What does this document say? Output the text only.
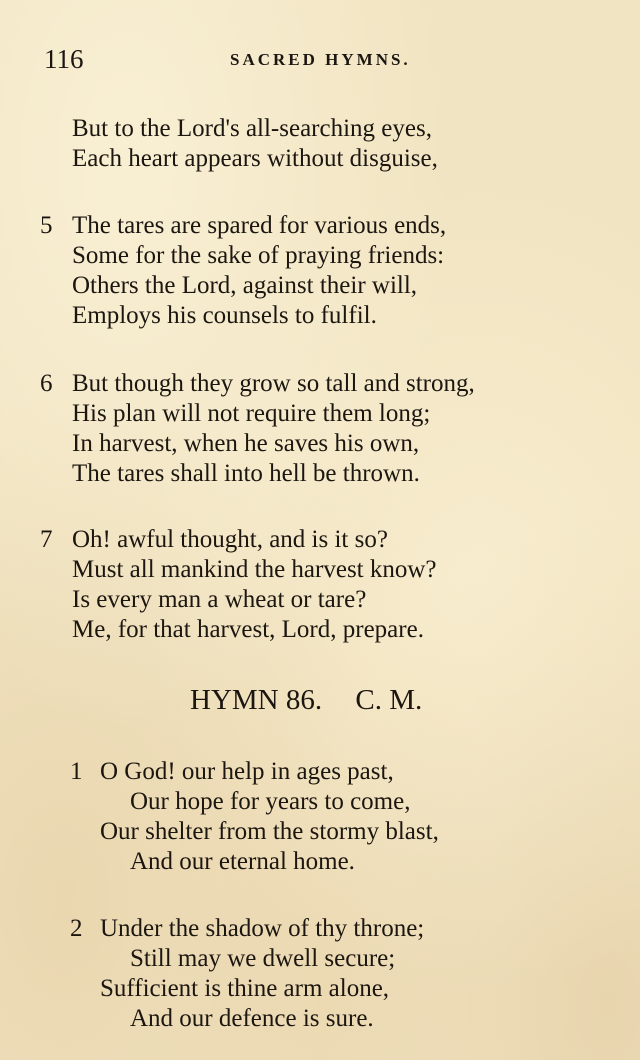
116	SACRED HYMNS.
But to the Lord's all-searching eyes,
Each heart appears without disguise,
5 The tares are spared for various ends,
Some for the sake of praying friends:
Others the Lord, against their will,
Employs his counsels to fulfil.
6 But though they grow so tall and strong,
His plan will not require them long;
In harvest, when he saves his own,
The tares shall into hell be thrown.
7 Oh! awful thought, and is it so?
Must all mankind the harvest know?
Is every man a wheat or tare?
Me, for that harvest, Lord, prepare.
HYMN 86. C. M.
1 O God! our help in ages past,
Our hope for years to come,
Our shelter from the stormy blast,
And our eternal home.
2 Under the shadow of thy throne;
Still may we dwell secure;
Sufficient is thine arm alone,
And our defence is sure.
